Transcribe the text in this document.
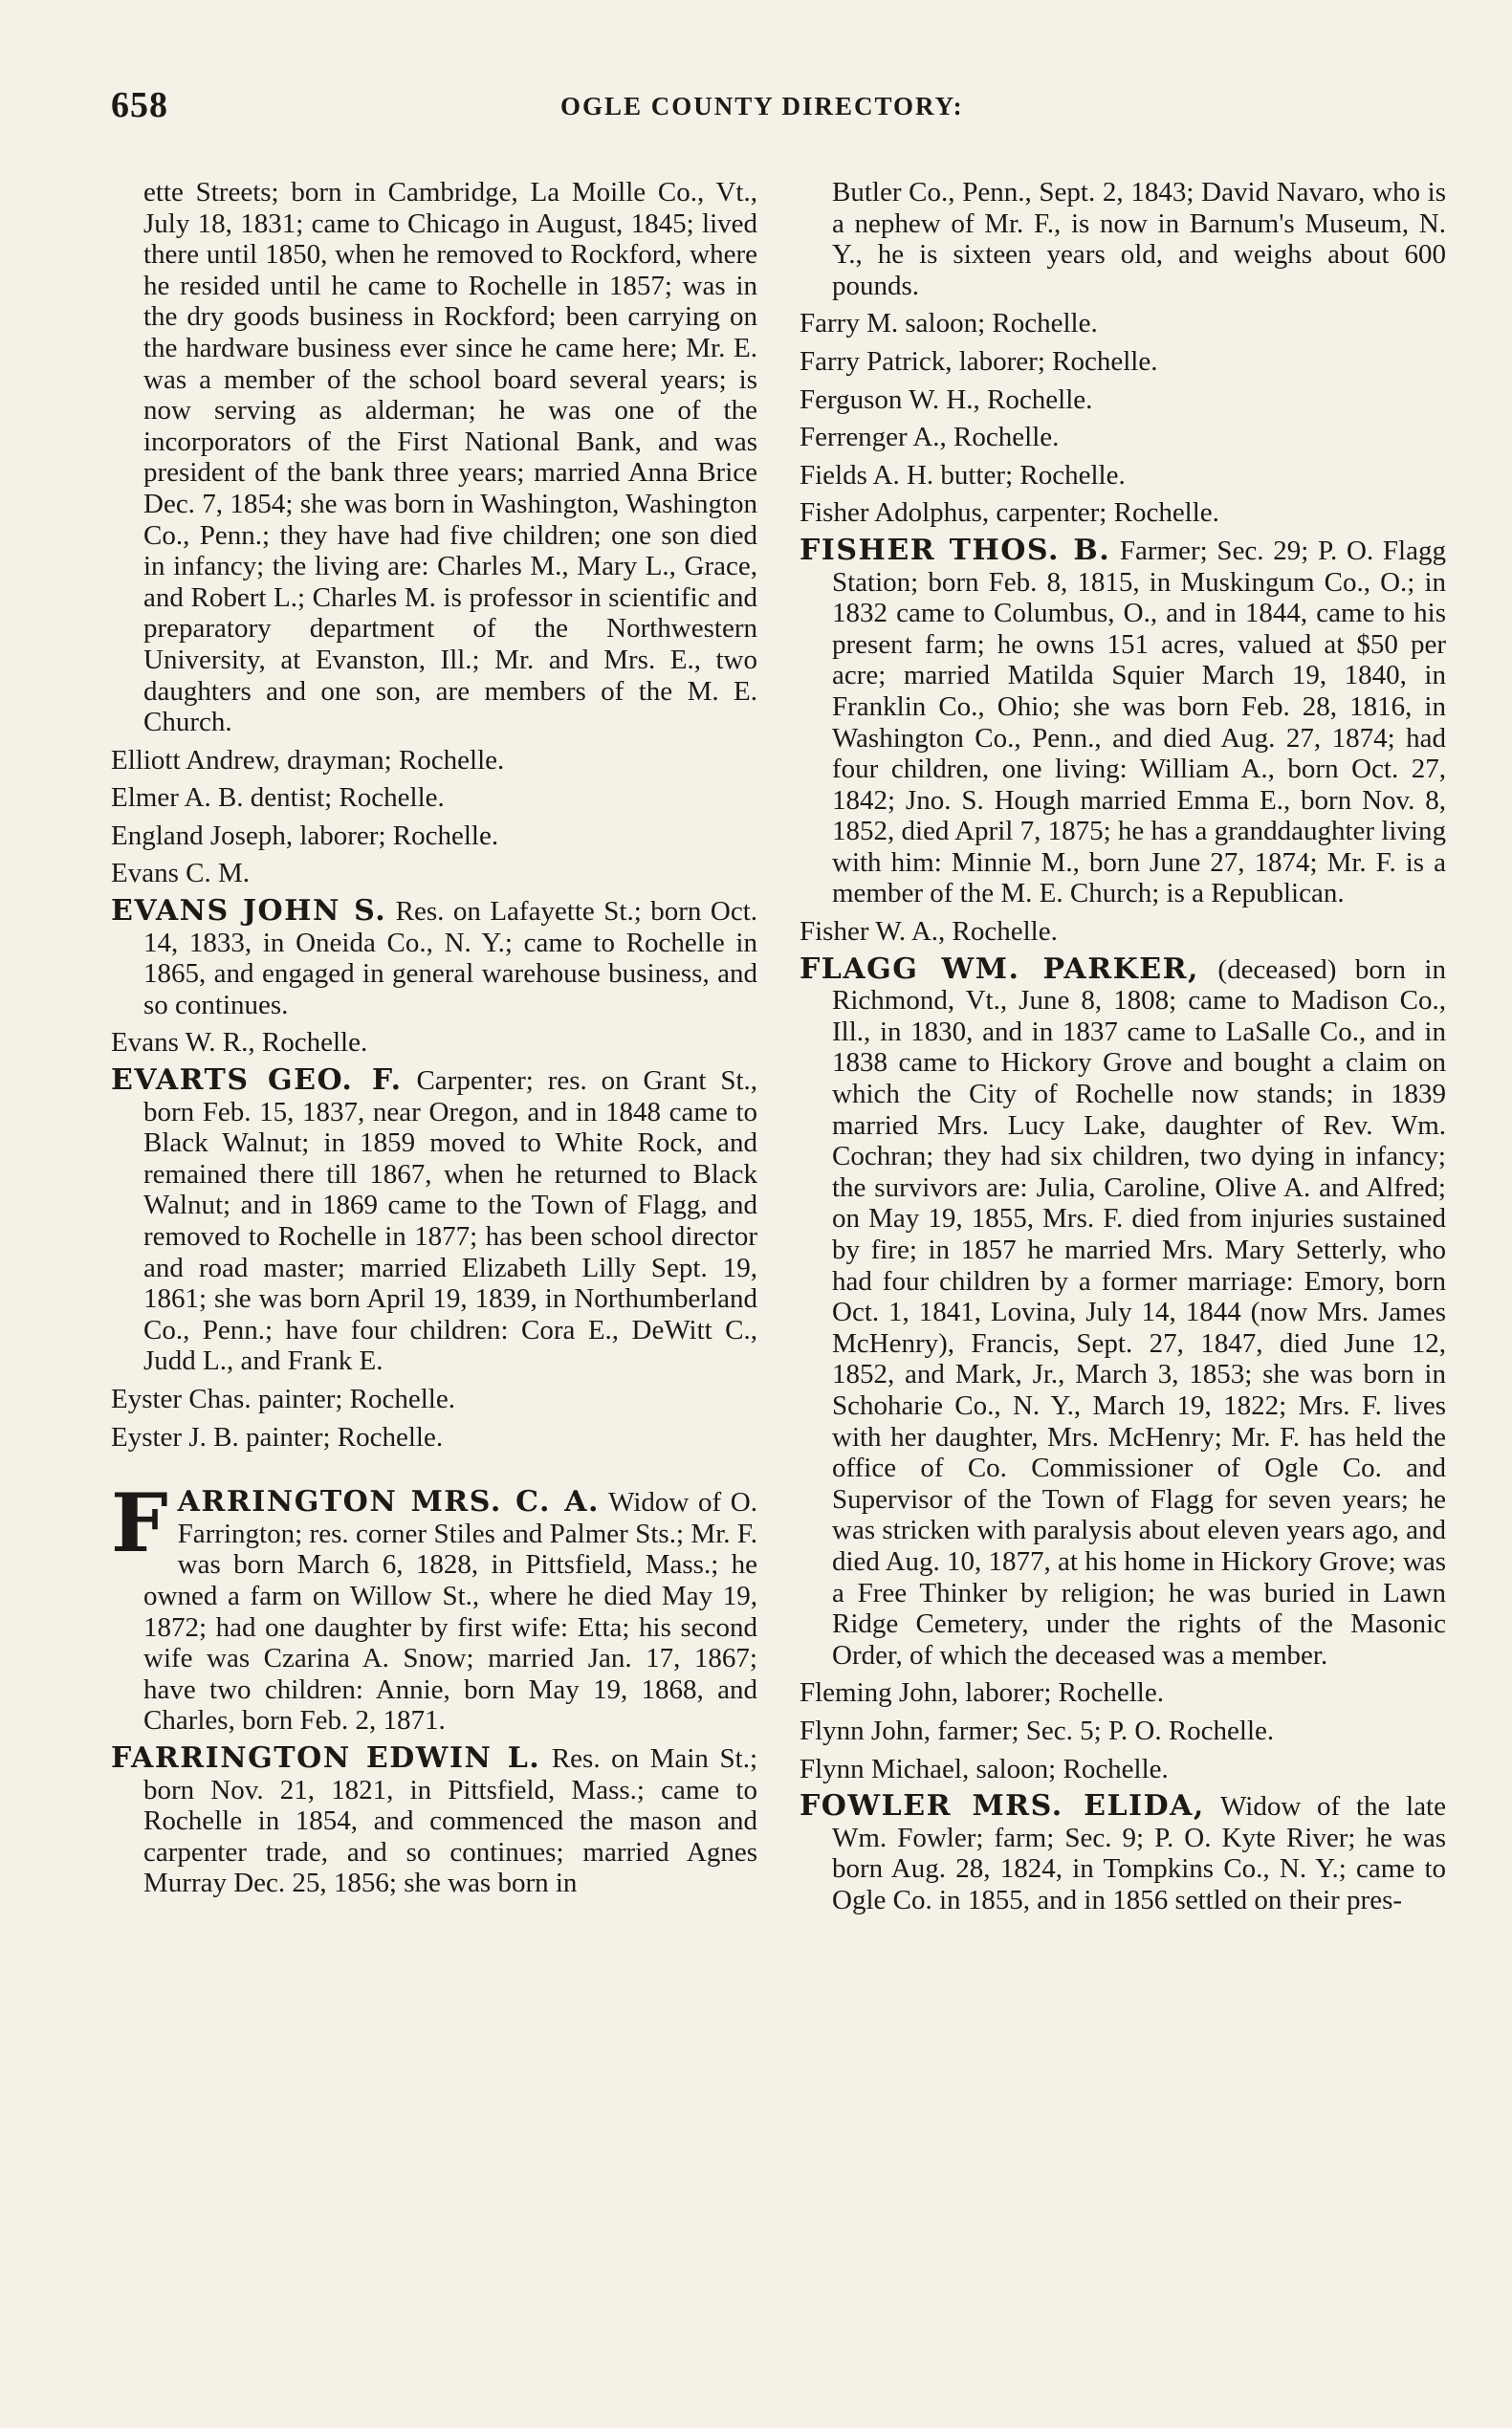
658	OGLE COUNTY DIRECTORY:

ette Streets; born in Cambridge, La Moille Co., Vt., July 18, 1831; came to Chicago in August, 1845; lived there until 1850, when he removed to Rockford, where he resided until he came to Rochelle in 1857; was in the dry goods business in Rockford; been carrying on the hardware business ever since he came here; Mr. E. was a member of the school board several years; is now serving as alderman; he was one of the incorporators of the First National Bank, and was president of the bank three years; married Anna Brice Dec. 7, 1854; she was born in Washington, Washington Co., Penn.; they have had five children; one son died in infancy; the living are: Charles M., Mary L., Grace, and Robert L.; Charles M. is professor in scientific and preparatory department of the Northwestern University, at Evanston, Ill.; Mr. and Mrs. E., two daughters and one son, are members of the M. E. Church.

Elliott Andrew, drayman; Rochelle.

Elmer A. B. dentist; Rochelle.

England Joseph, laborer; Rochelle.

Evans C. M.

EVANS JOHN S. Res. on Lafayette St.; born Oct. 14, 1833, in Oneida Co., N. Y.; came to Rochelle in 1865, and engaged in general warehouse business, and so continues.

Evans W. R., Rochelle.

EVARTS GEO. F. Carpenter; res. on Grant St., born Feb. 15, 1837, near Oregon, and in 1848 came to Black Walnut; in 1859 moved to White Rock, and remained there till 1867, when he returned to Black Walnut; and in 1869 came to the Town of Flagg, and removed to Rochelle in 1877; has been school director and road master; married Elizabeth Lilly Sept. 19, 1861; she was born April 19, 1839, in Northumberland Co., Penn.; have four children: Cora E., DeWitt C., Judd L., and Frank E.

Eyster Chas. painter; Rochelle.

Eyster J. B. painter; Rochelle.

FARRINGTON MRS. C. A. Widow of O. Farrington; res. corner Stiles and Palmer Sts.; Mr. F. was born March 6, 1828, in Pittsfield, Mass.; he owned a farm on Willow St., where he died May 19, 1872; had one daughter by first wife: Etta; his second wife was Czarina A. Snow; married Jan. 17, 1867; have two children: Annie, born May 19, 1868, and Charles, born Feb. 2, 1871.

FARRINGTON EDWIN L. Res. on Main St.; born Nov. 21, 1821, in Pittsfield, Mass.; came to Rochelle in 1854, and commenced the mason and carpenter trade, and so continues; married Agnes Murray Dec. 25, 1856; she was born in

Butler Co., Penn., Sept. 2, 1843; David Navaro, who is a nephew of Mr. F., is now in Barnum's Museum, N. Y., he is sixteen years old, and weighs about 600 pounds.

Farry M. saloon; Rochelle.

Farry Patrick, laborer; Rochelle.

Ferguson W. H., Rochelle.

Ferrenger A., Rochelle.

Fields A. H. butter; Rochelle.

Fisher Adolphus, carpenter; Rochelle.

FISHER THOS. B. Farmer; Sec. 29; P. O. Flagg Station; born Feb. 8, 1815, in Muskingum Co., O.; in 1832 came to Columbus, O., and in 1844, came to his present farm; he owns 151 acres, valued at $50 per acre; married Matilda Squier March 19, 1840, in Franklin Co., Ohio; she was born Feb. 28, 1816, in Washington Co., Penn., and died Aug. 27, 1874; had four children, one living: William A., born Oct. 27, 1842; Jno. S. Hough married Emma E., born Nov. 8, 1852, died April 7, 1875; he has a granddaughter living with him: Minnie M., born June 27, 1874; Mr. F. is a member of the M. E. Church; is a Republican.

Fisher W. A., Rochelle.

FLAGG WM. PARKER, (deceased) born in Richmond, Vt., June 8, 1808; came to Madison Co., Ill., in 1830, and in 1837 came to LaSalle Co., and in 1838 came to Hickory Grove and bought a claim on which the City of Rochelle now stands; in 1839 married Mrs. Lucy Lake, daughter of Rev. Wm. Cochran; they had six children, two dying in infancy; the survivors are: Julia, Caroline, Olive A. and Alfred; on May 19, 1855, Mrs. F. died from injuries sustained by fire; in 1857 he married Mrs. Mary Setterly, who had four children by a former marriage: Emory, born Oct. 1, 1841, Lovina, July 14, 1844 (now Mrs. James McHenry), Francis, Sept. 27, 1847, died June 12, 1852, and Mark, Jr., March 3, 1853; she was born in Schoharie Co., N. Y., March 19, 1822; Mrs. F. lives with her daughter, Mrs. McHenry; Mr. F. has held the office of Co. Commissioner of Ogle Co. and Supervisor of the Town of Flagg for seven years; he was stricken with paralysis about eleven years ago, and died Aug. 10, 1877, at his home in Hickory Grove; was a Free Thinker by religion; he was buried in Lawn Ridge Cemetery, under the rights of the Masonic Order, of which the deceased was a member.

Fleming John, laborer; Rochelle.

Flynn John, farmer; Sec. 5; P. O. Rochelle.

Flynn Michael, saloon; Rochelle.

FOWLER MRS. ELIDA, Widow of the late Wm. Fowler; farm; Sec. 9; P. O. Kyte River; he was born Aug. 28, 1824, in Tompkins Co., N. Y.; came to Ogle Co. in 1855, and in 1856 settled on their pres-
